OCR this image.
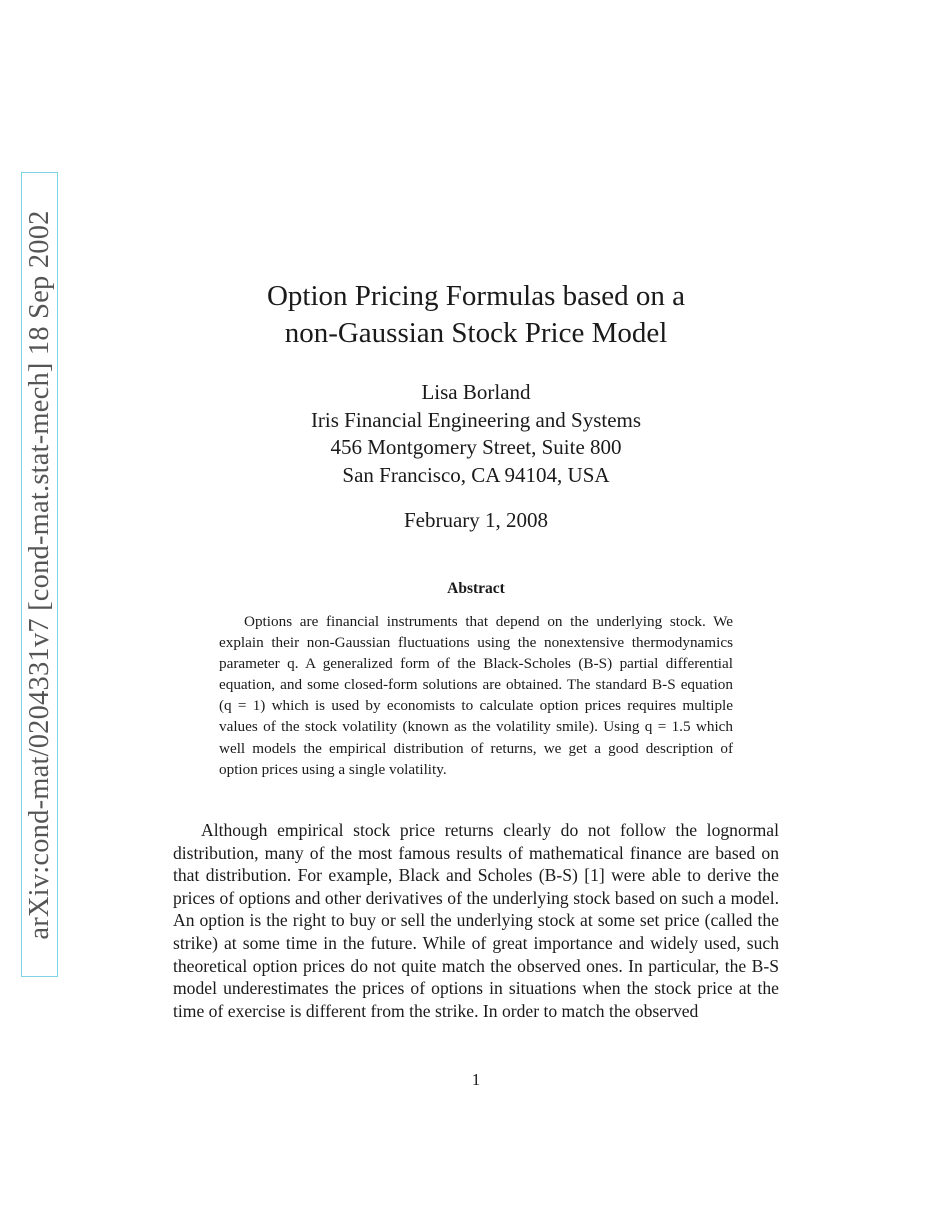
arXiv:cond-mat/0204331v7 [cond-mat.stat-mech] 18 Sep 2002	Option Pricing Formulas based on a
non-Gaussian Stock Price Model
Lisa Borland
Iris Financial Engineering and Systems
456 Montgomery Street, Suite 800
San Francisco, CA 94104, USA
February 1, 2008
Abstract

Options are financial instruments that depend on the underlying stock. We explain their non-Gaussian fluctuations using the nonextensive thermodynamics parameter q. A generalized form of the Black-Scholes (B-S) partial differential equation, and some closed-form solutions are obtained. The standard B-S equation (q = 1) which is used by economists to calculate option prices requires multiple values of the stock volatility (known as the volatility smile). Using q = 1.5 which well models the empirical distribution of returns, we get a good description of option prices using a single volatility.

Although empirical stock price returns clearly do not follow the lognormal distribution, many of the most famous results of mathematical finance are based on that distribution. For example, Black and Scholes (B-S) [1] were able to derive the prices of options and other derivatives of the underlying stock based on such a model. An option is the right to buy or sell the underlying stock at some set price (called the strike) at some time in the future. While of great importance and widely used, such theoretical option prices do not quite match the observed ones. In particular, the B-S model underestimates the prices of options in situations when the stock price at the time of exercise is different from the strike. In order to match the observed

1
